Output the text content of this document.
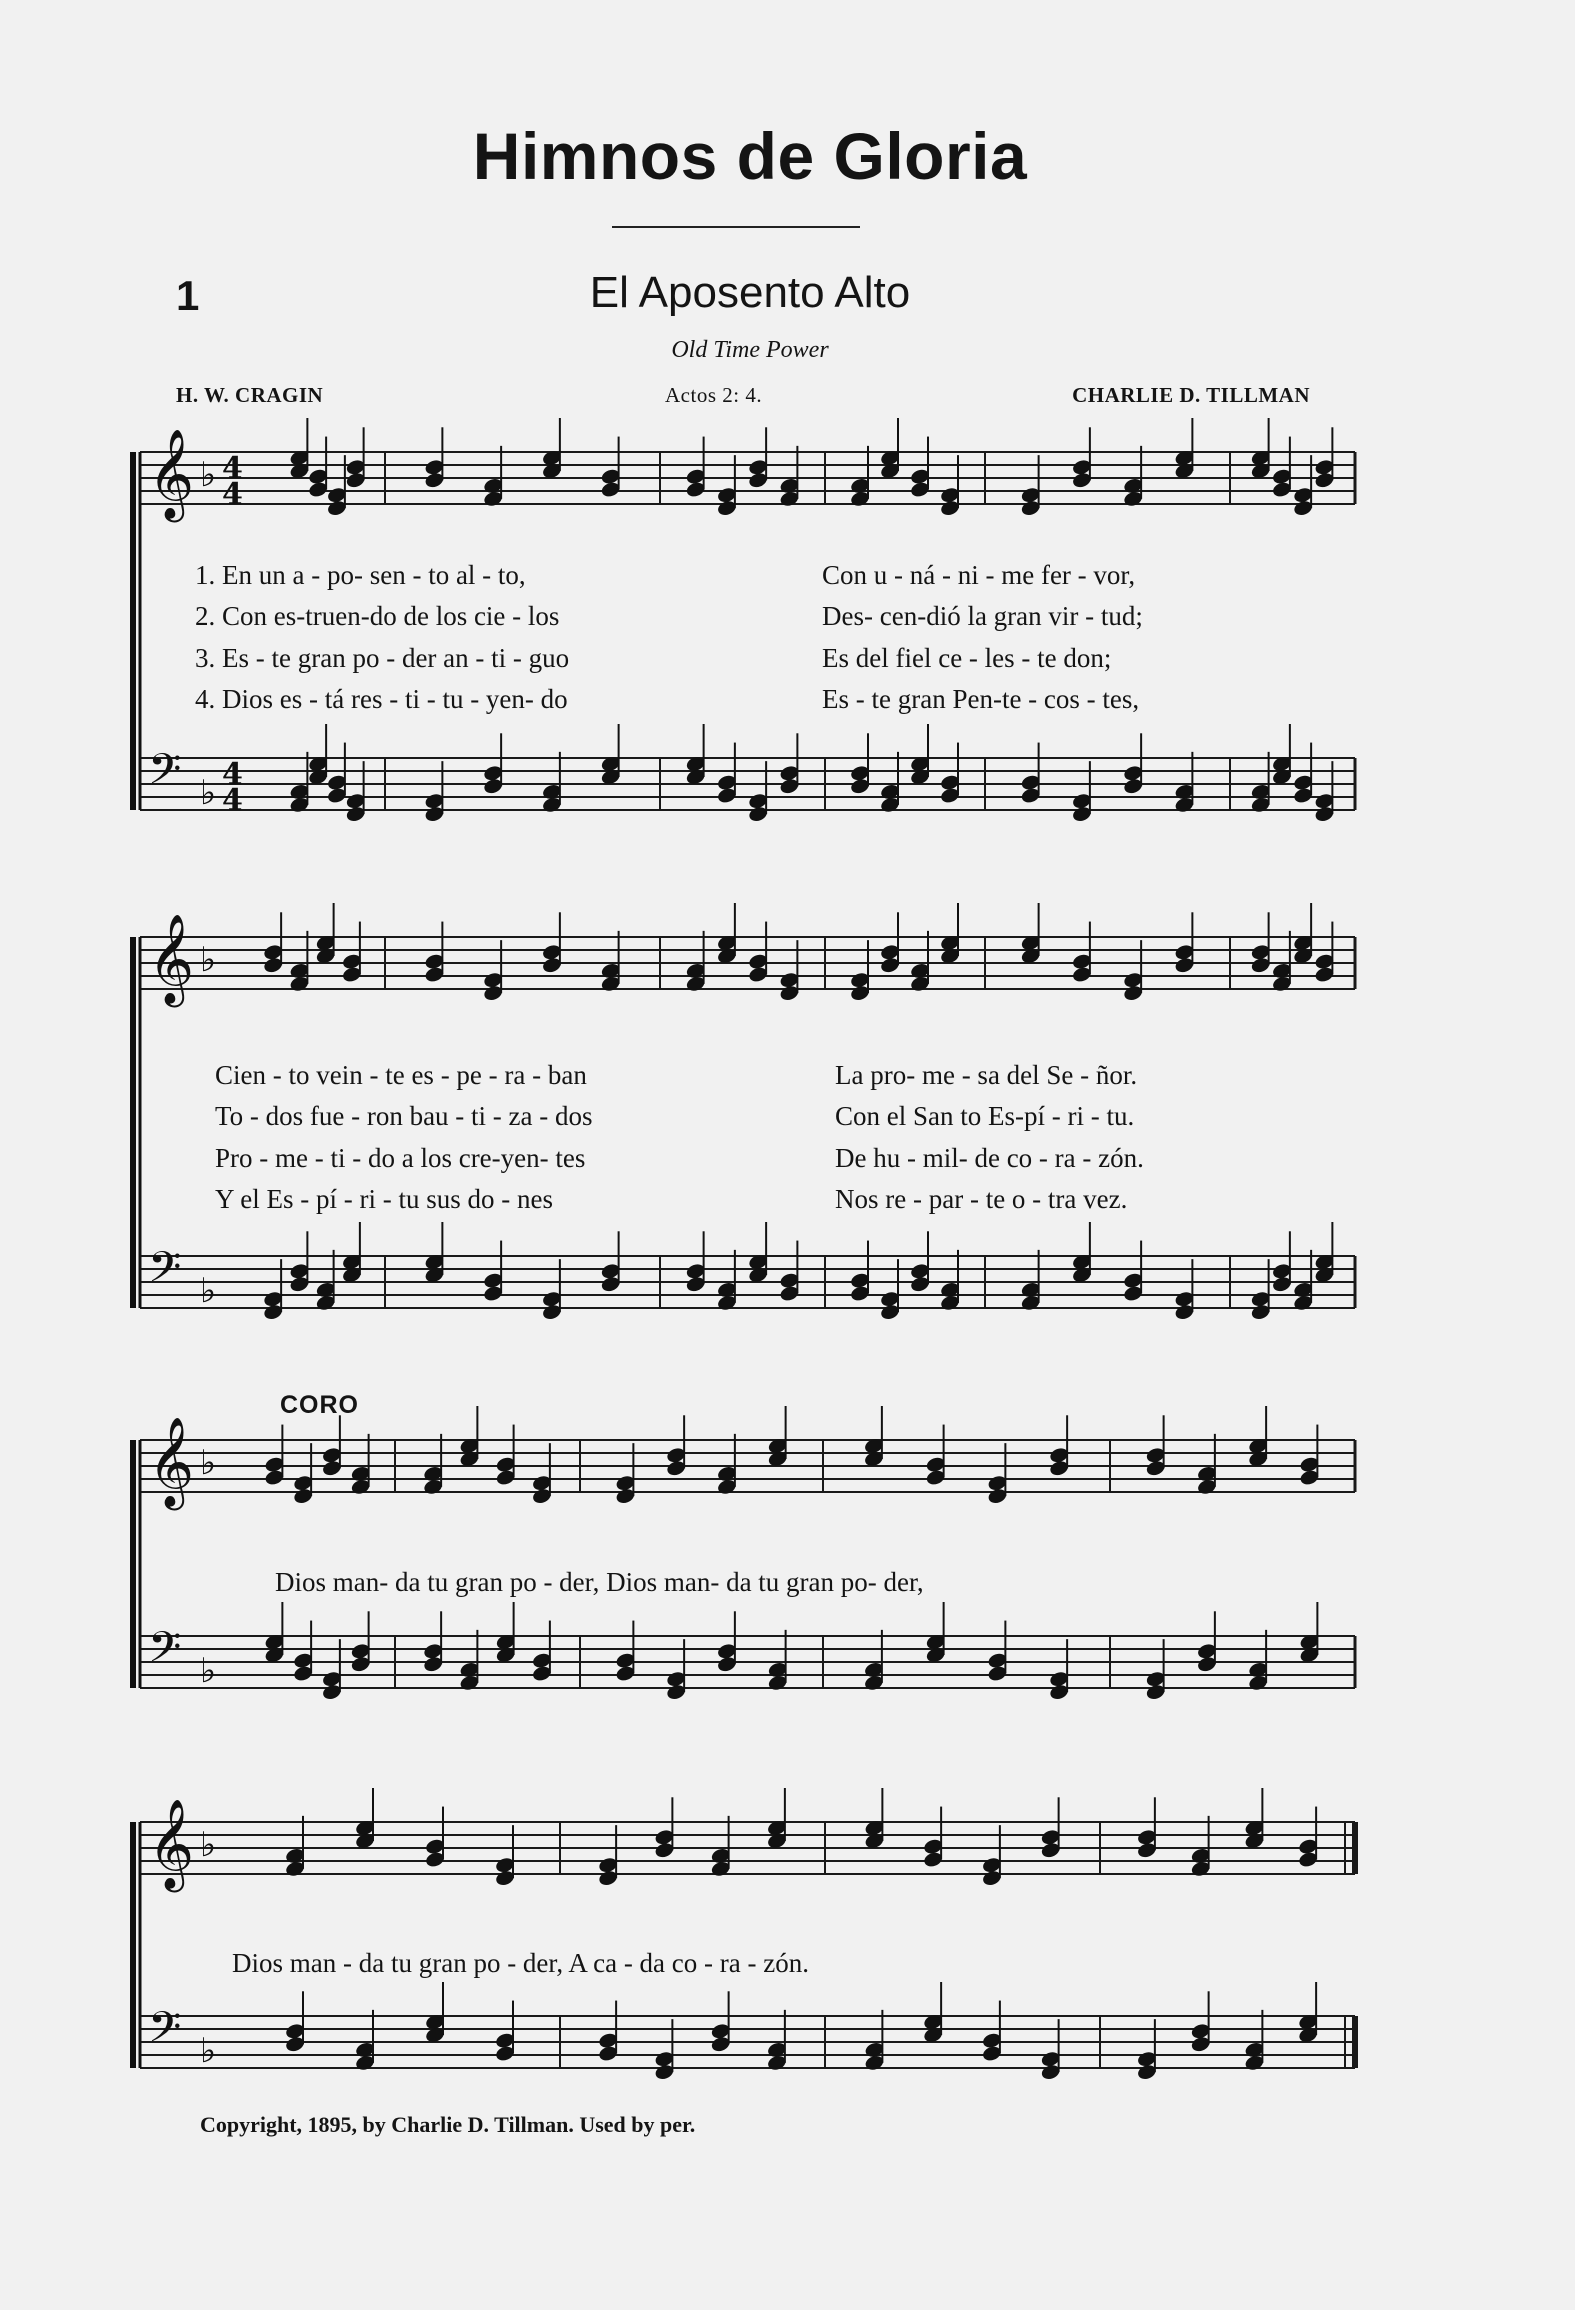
Himnos de Gloria
1	El Aposento Alto
Old Time Power
H. W. CRAGIN	Actos 2: 4.	CHARLIE D. TILLMAN
𝄞 ♭ 4
4
𝄢 ♭ 4
4
𝄞 ♭
𝄢 ♭
𝄞 ♭
𝄢 ♭
𝄞 ♭
𝄢 ♭
1. En un a - po- sen - to al - to,	Con u - ná - ni - me fer - vor,
2. Con es-truen-do de los cie - los	Des- cen-dió la gran vir - tud;
3. Es - te gran po - der an - ti - guo	Es del fiel ce - les - te don;
4. Dios es - tá res - ti - tu - yen- do	Es - te gran Pen-te - cos - tes,
Cien - to vein - te es - pe - ra - ban	La pro- me - sa del Se - ñor.
To - dos fue - ron bau - ti - za - dos	Con el San to Es-pí - ri - tu.
Pro - me - ti - do a los cre-yen- tes	De hu - mil- de co - ra - zón.
Y el Es - pí - ri - tu sus do - nes	Nos re - par - te o - tra vez.
CORO
Dios man- da tu gran po - der, Dios man- da tu gran po- der,
Dios man - da tu gran po - der, A ca - da co - ra - zón.
Copyright, 1895, by Charlie D. Tillman. Used by per.
